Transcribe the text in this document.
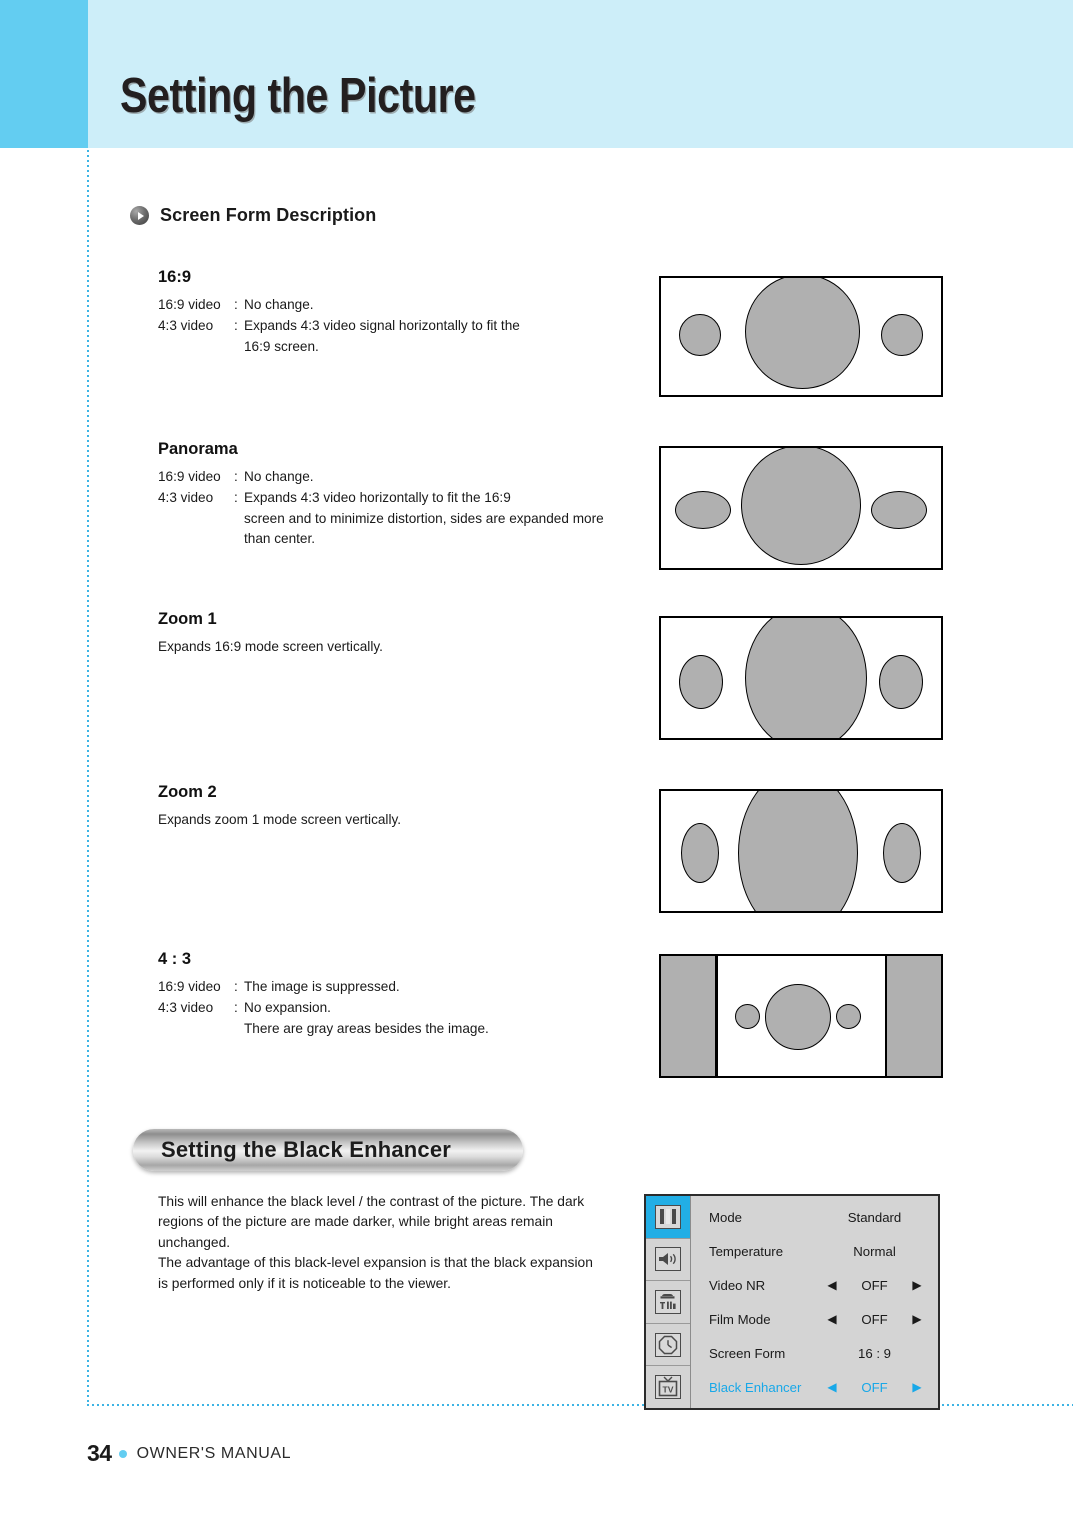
Setting the Picture
Screen Form Description
16:9
16:9 video : No change.
4:3 video	: Expands 4:3 video signal horizontally to fit the
16:9 screen.
Panorama
16:9 video : No change.
4:3 video	: Expands 4:3 video horizontally to fit the 16:9
screen and to minimize distortion, sides are expanded more than center.
Zoom 1
Expands 16:9 mode screen vertically.
Zoom 2
Expands zoom 1 mode screen vertically.
4 : 3
16:9 video : The image is suppressed.
4:3 video	: No expansion.
There are gray areas besides the image.
Setting the Black Enhancer
This will enhance the black level / the contrast of the picture. The dark regions of the picture are made darker, while bright areas remain unchanged.
The advantage of this black-level expansion is that the black expansion is performed only if it is noticeable to the viewer.
TV
Mode	Standard
Temperature	Normal
Video NR	◀	OFF	▶
Film Mode	◀	OFF	▶
Screen Form	16 : 9
Black Enhancer	◀	OFF	▶
34 OWNER'S MANUAL
